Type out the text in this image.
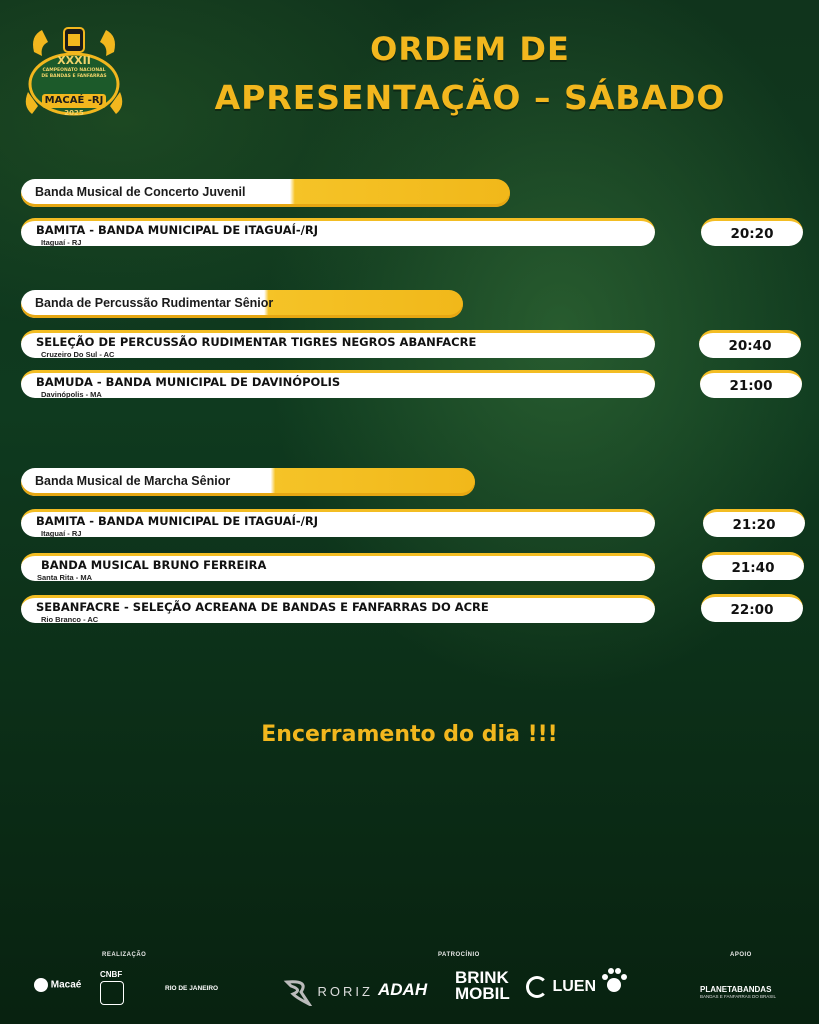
XXXII
CAMPEONATO NACIONAL
DE BANDAS E FANFARRAS
MACAÉ -RJ
2025
ORDEM DE
APRESENTAÇÃO – SÁBADO
Banda Musical de Concerto Juvenil
BAMITA - BANDA MUNICIPAL DE ITAGUAÍ-/RJ
Itaguaí - RJ
20:20
Banda de Percussão Rudimentar Sênior
SELEÇÃO DE PERCUSSÃO RUDIMENTAR TIGRES NEGROS ABANFACRE
Cruzeiro Do Sul - AC
20:40
BAMUDA - BANDA MUNICIPAL DE DAVINÓPOLIS
Davinópolis - MA
21:00
Banda Musical de Marcha Sênior
BAMITA - BANDA MUNICIPAL DE ITAGUAÍ-/RJ
Itaguaí - RJ
21:20
BANDA MUSICAL BRUNO FERREIRA
Santa Rita - MA
21:40
SEBANFACRE - SELEÇÃO ACREANA DE BANDAS E FANFARRAS DO ACRE
Rio Branco - AC
22:00
Encerramento do dia !!!
REALIZAÇÃO	PATROCÍNIO	APOIO
Macaé
CNBF
RIO DE JANEIRO	RORIZ ADAH
BRINK MOBIL	LUEN	PLANETABANDAS
BANDAS E FANFARRAS DO BRASIL
